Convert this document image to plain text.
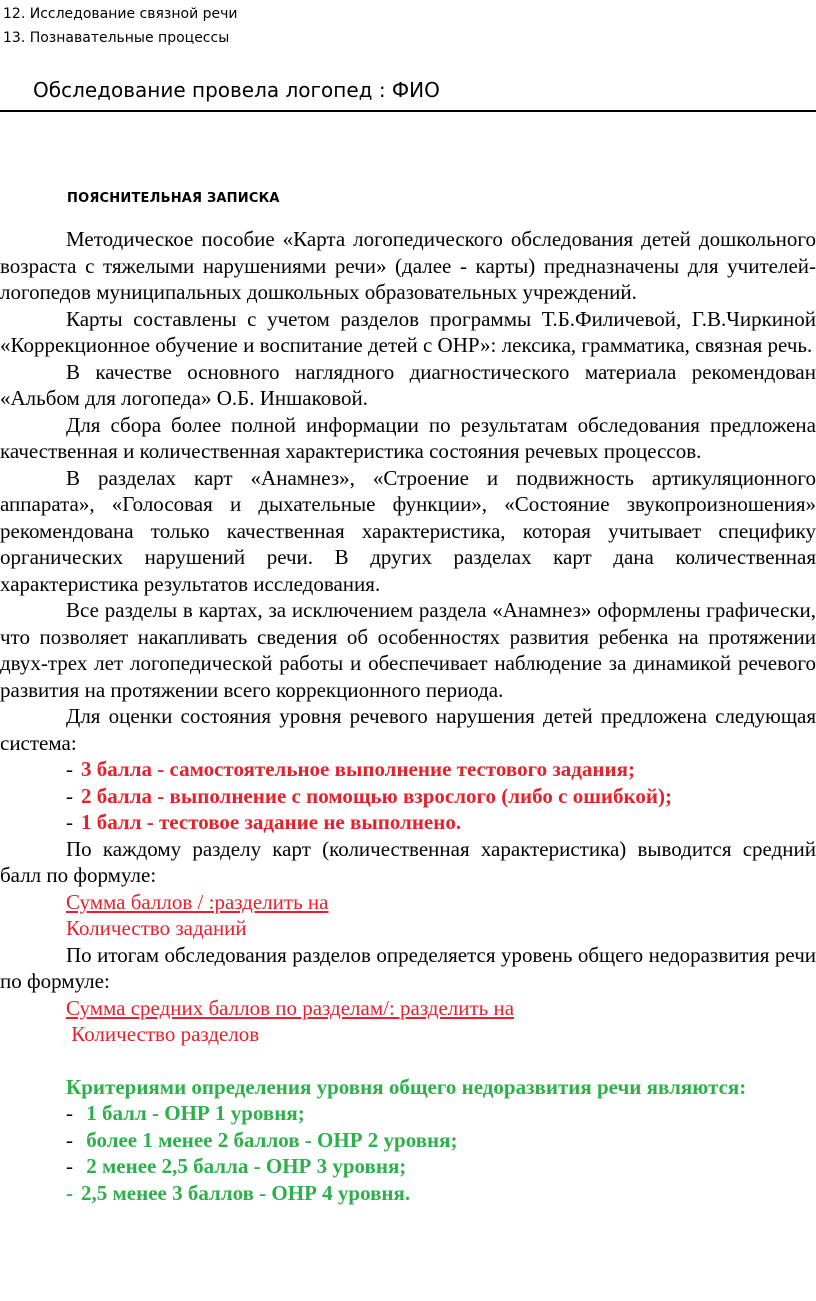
12. Исследование связной речи
13. Познавательные процессы
Обследование провела логопед : ФИО
ПОЯСНИТЕЛЬНАЯ ЗАПИСКА

Методическое пособие «Карта логопедического обследования детей дошкольного возраста с тяжелыми нарушениями речи» (далее - карты) предназначены для учителей-логопедов муниципальных дошкольных образовательных учреждений.

Карты составлены с учетом разделов программы Т.Б.Филичевой, Г.В.Чиркиной «Коррекционное обучение и воспитание детей с ОНР»: лексика, грамматика, связная речь.

В качестве основного наглядного диагностического материала рекомендован «Альбом для логопеда» О.Б. Иншаковой.

Для сбора более полной информации по результатам обследования предложена качественная и количественная характеристика состояния речевых процессов.

В разделах карт «Анамнез», «Строение и подвижность артикуляционного аппарата», «Голосовая и дыхательные функции», «Состояние звукопроизношения» рекомендована только качественная характеристика, которая учитывает специфику органических нарушений речи. В других разделах карт дана количественная характеристика результатов исследования.

Все разделы в картах, за исключением раздела «Анамнез» оформлены графически, что позволяет накапливать сведения об особенностях развития ребенка на протяжении двух-трех лет логопедической работы и обеспечивает наблюдение за динамикой речевого развития на протяжении всего коррекционного периода.

Для оценки состояния уровня речевого нарушения детей предложена следующая система:

- 3 балла - самостоятельное выполнение тестового задания;

- 2 балла - выполнение с помощью взрослого (либо с ошибкой);

- 1 балл - тестовое задание не выполнено.

По каждому разделу карт (количественная характеристика) выводится средний балл по формуле:

Сумма баллов / :разделить на

Количество заданий

По итогам обследования разделов определяется уровень общего недоразвития речи по формуле:

Сумма средних баллов по разделам/: разделить на

Количество разделов

Критериями определения уровня общего недоразвития речи являются:

- 1 балл - ОНР 1 уровня;

- более 1 менее 2 баллов - ОНР 2 уровня;

- 2 менее 2,5 балла - ОНР 3 уровня;

- 2,5 менее 3 баллов - ОНР 4 уровня.
